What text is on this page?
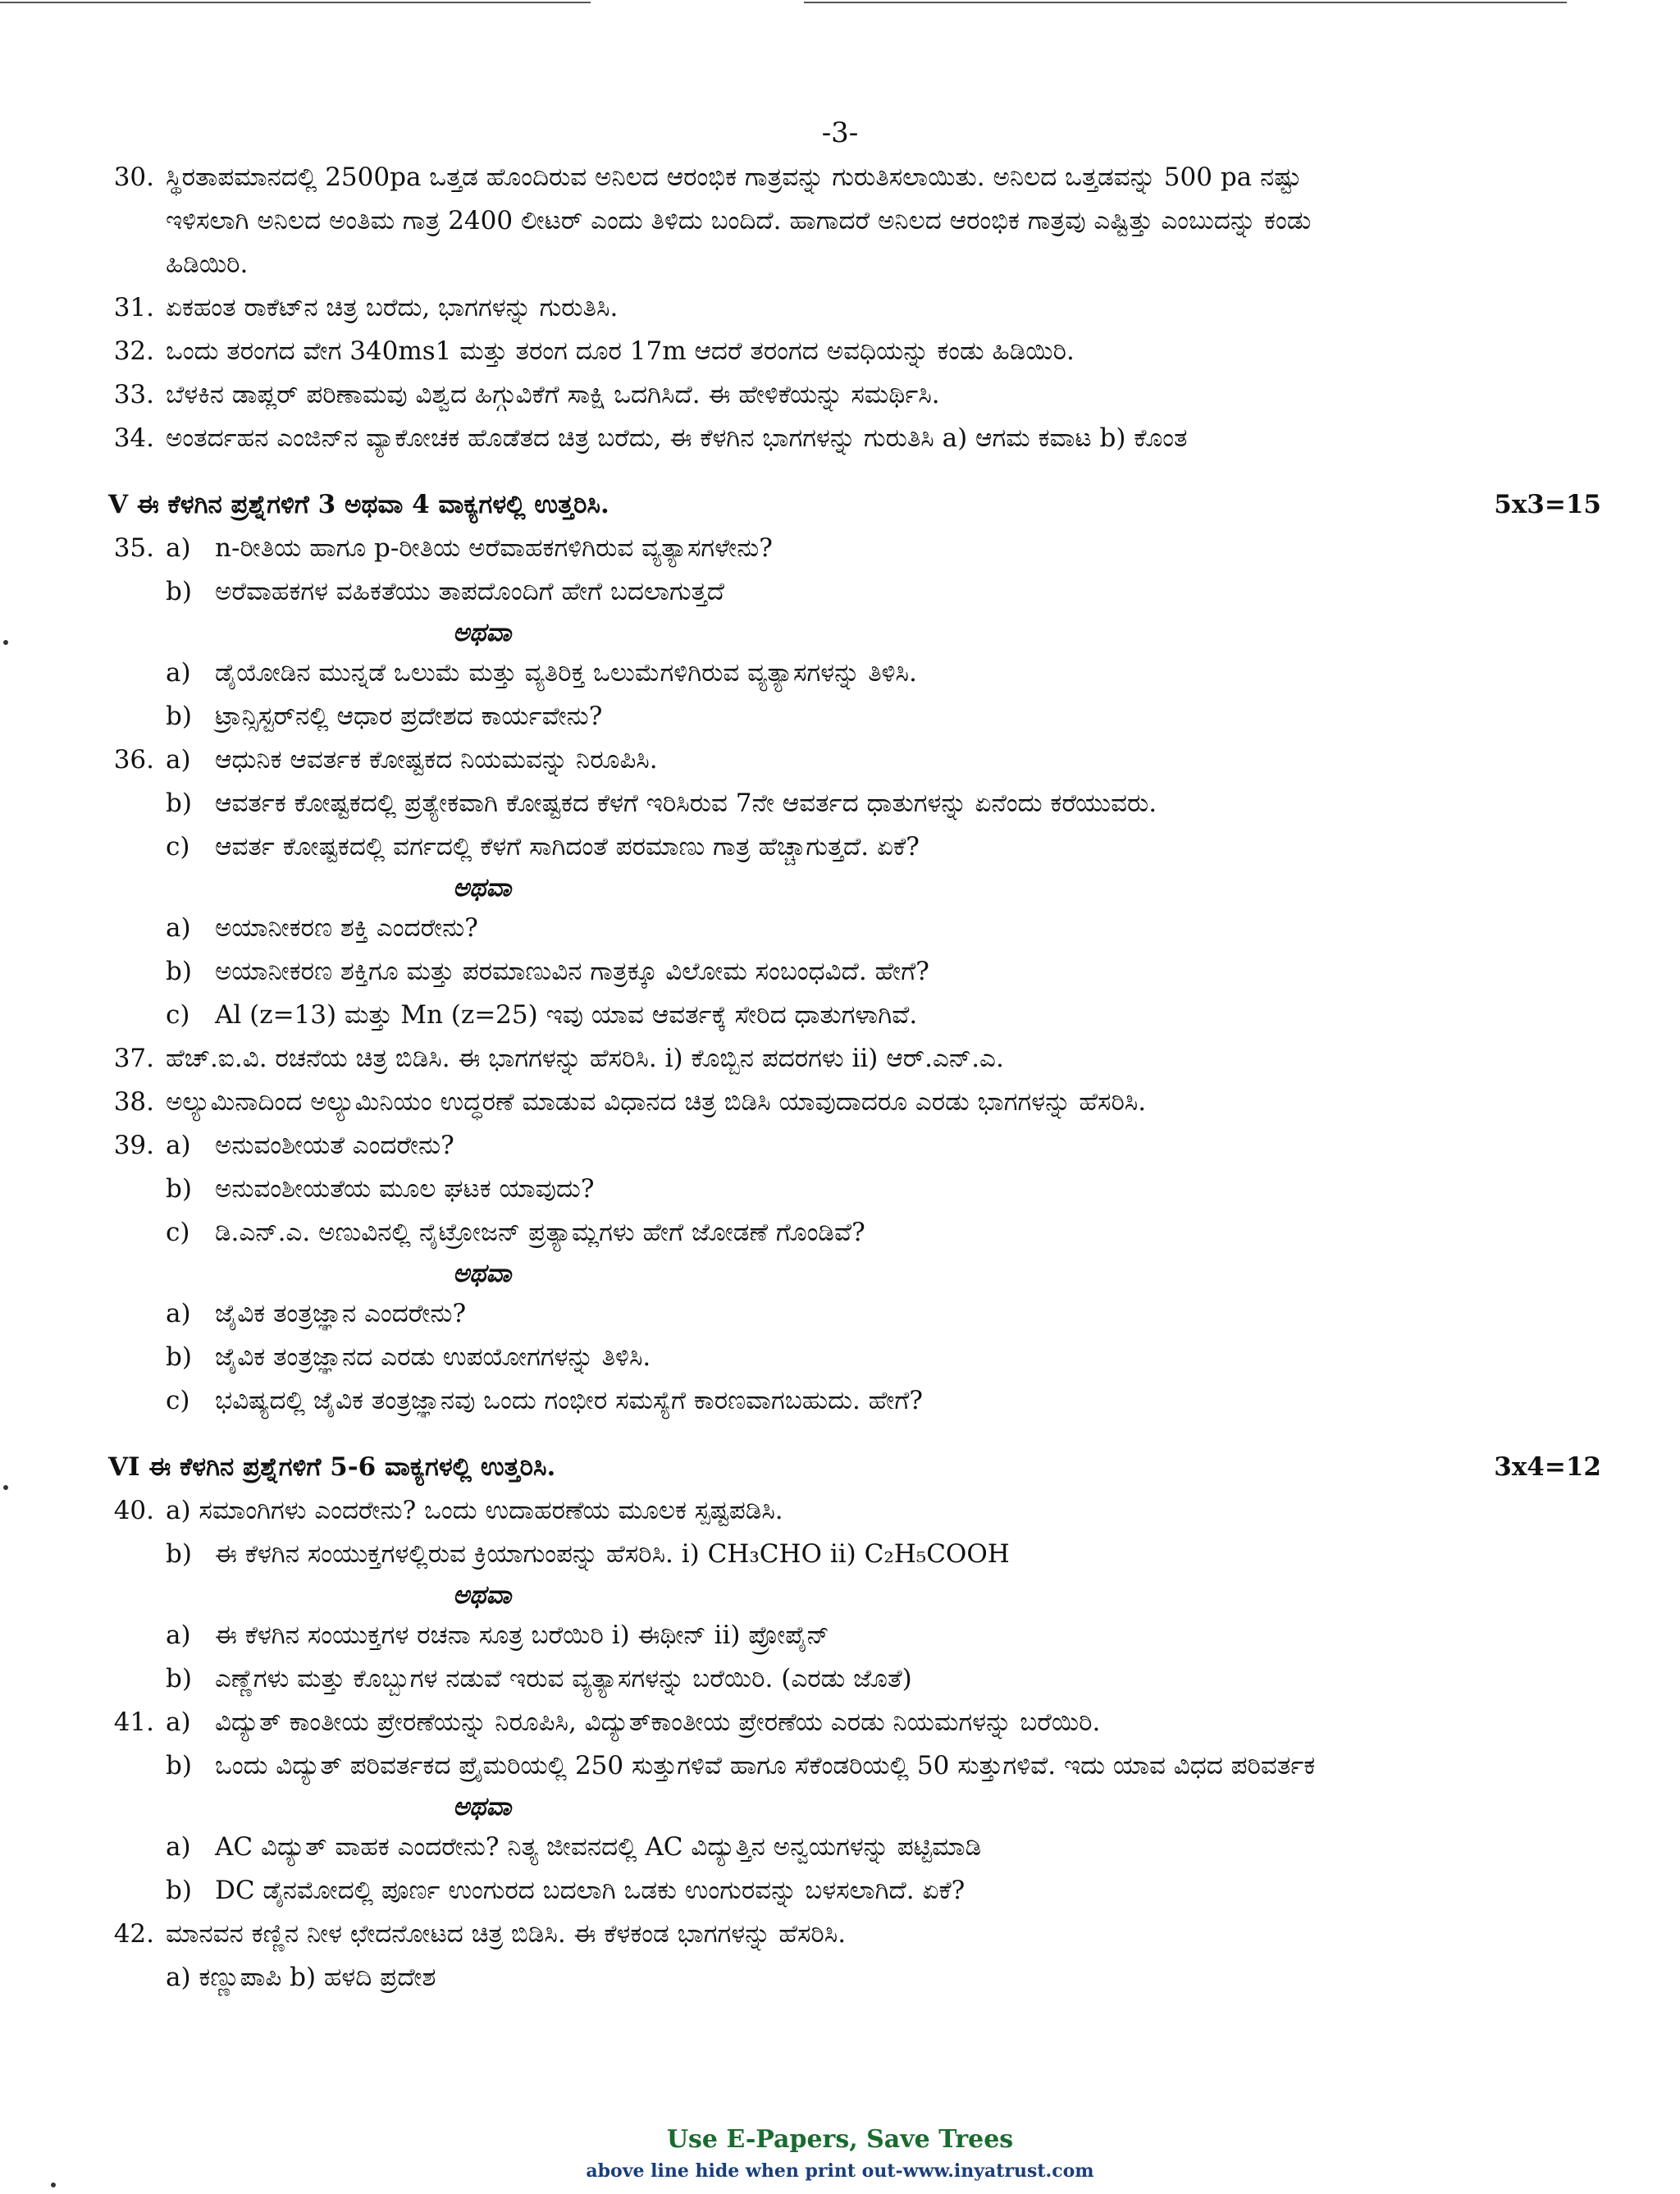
-3-
30. ಸ್ಥಿರತಾಪಮಾನದಲ್ಲಿ 2500pa ಒತ್ತಡ ಹೊಂದಿರುವ ಅನಿಲದ ಆರಂಭಿಕ ಗಾತ್ರವನ್ನು ಗುರುತಿಸಲಾಯಿತು. ಅನಿಲದ ಒತ್ತಡವನ್ನು 500 pa ನಷ್ಟು
ಇಳಿಸಲಾಗಿ ಅನಿಲದ ಅಂತಿಮ ಗಾತ್ರ 2400 ಲೀಟರ್ ಎಂದು ತಿಳಿದು ಬಂದಿದೆ. ಹಾಗಾದರೆ ಅನಿಲದ ಆರಂಭಿಕ ಗಾತ್ರವು ಎಷ್ಟಿತ್ತು ಎಂಬುದನ್ನು ಕಂಡು
ಹಿಡಿಯಿರಿ.
31. ಏಕಹಂತ ರಾಕೆಟ್‌ನ ಚಿತ್ರ ಬರೆದು, ಭಾಗಗಳನ್ನು ಗುರುತಿಸಿ.
32. ಒಂದು ತರಂಗದ ವೇಗ 340ms1 ಮತ್ತು ತರಂಗ ದೂರ 17m ಆದರೆ ತರಂಗದ ಅವಧಿಯನ್ನು ಕಂಡು ಹಿಡಿಯಿರಿ.
33. ಬೆಳಕಿನ ಡಾಪ್ಲರ್ ಪರಿಣಾಮವು ವಿಶ್ವದ ಹಿಗ್ಗುವಿಕೆಗೆ ಸಾಕ್ಷಿ ಒದಗಿಸಿದೆ. ಈ ಹೇಳಿಕೆಯನ್ನು ಸಮರ್ಥಿಸಿ.
34. ಅಂತರ್ದಹನ ಎಂಜಿನ್‌ನ ವ್ಯಾಕೋಚಕ ಹೊಡೆತದ ಚಿತ್ರ ಬರೆದು, ಈ ಕೆಳಗಿನ ಭಾಗಗಳನ್ನು ಗುರುತಿಸಿ a) ಆಗಮ ಕವಾಟ b) ಕೊಂತ
V ಈ ಕೆಳಗಿನ ಪ್ರಶ್ನೆಗಳಿಗೆ 3 ಅಥವಾ 4 ವಾಕ್ಯಗಳಲ್ಲಿ ಉತ್ತರಿಸಿ.	5x3=15
35. a) n-ರೀತಿಯ ಹಾಗೂ p-ರೀತಿಯ ಅರೆವಾಹಕಗಳಿಗಿರುವ ವ್ಯತ್ಯಾಸಗಳೇನು?
b) ಅರೆವಾಹಕಗಳ ವಹಿಕತೆಯು ತಾಪದೊಂದಿಗೆ ಹೇಗೆ ಬದಲಾಗುತ್ತದೆ
ಅಥವಾ
a) ಡೈಯೋಡಿನ ಮುನ್ನಡೆ ಒಲುಮೆ ಮತ್ತು ವ್ಯತಿರಿಕ್ತ ಒಲುಮೆಗಳಿಗಿರುವ ವ್ಯತ್ಯಾಸಗಳನ್ನು ತಿಳಿಸಿ.
b) ಟ್ರಾನ್ಸಿಸ್ಟರ್‌ನಲ್ಲಿ ಆಧಾರ ಪ್ರದೇಶದ ಕಾರ್ಯವೇನು?
36. a) ಆಧುನಿಕ ಆವರ್ತಕ ಕೋಷ್ಟಕದ ನಿಯಮವನ್ನು ನಿರೂಪಿಸಿ.
b) ಆವರ್ತಕ ಕೋಷ್ಟಕದಲ್ಲಿ ಪ್ರತ್ಯೇಕವಾಗಿ ಕೋಷ್ಟಕದ ಕೆಳಗೆ ಇರಿಸಿರುವ 7ನೇ ಆವರ್ತದ ಧಾತುಗಳನ್ನು ಏನೆಂದು ಕರೆಯುವರು.
c) ಆವರ್ತ ಕೋಷ್ಟಕದಲ್ಲಿ ವರ್ಗದಲ್ಲಿ ಕೆಳಗೆ ಸಾಗಿದಂತೆ ಪರಮಾಣು ಗಾತ್ರ ಹೆಚ್ಚಾಗುತ್ತದೆ. ಏಕೆ?
ಅಥವಾ
a) ಅಯಾನೀಕರಣ ಶಕ್ತಿ ಎಂದರೇನು?
b) ಅಯಾನೀಕರಣ ಶಕ್ತಿಗೂ ಮತ್ತು ಪರಮಾಣುವಿನ ಗಾತ್ರಕ್ಕೂ ವಿಲೋಮ ಸಂಬಂಧವಿದೆ. ಹೇಗೆ?
c) Al (z=13) ಮತ್ತು Mn (z=25) ಇವು ಯಾವ ಆವರ್ತಕ್ಕೆ ಸೇರಿದ ಧಾತುಗಳಾಗಿವೆ.
37. ಹೆಚ್.ಐ.ವಿ. ರಚನೆಯ ಚಿತ್ರ ಬಿಡಿಸಿ. ಈ ಭಾಗಗಳನ್ನು ಹೆಸರಿಸಿ. i) ಕೊಬ್ಬಿನ ಪದರಗಳು ii) ಆರ್.ಎನ್.ಎ.
38. ಅಲ್ಯುಮಿನಾದಿಂದ ಅಲ್ಯುಮಿನಿಯಂ ಉದ್ಧರಣೆ ಮಾಡುವ ವಿಧಾನದ ಚಿತ್ರ ಬಿಡಿಸಿ ಯಾವುದಾದರೂ ಎರಡು ಭಾಗಗಳನ್ನು ಹೆಸರಿಸಿ.
39. a) ಅನುವಂಶೀಯತೆ ಎಂದರೇನು?
b) ಅನುವಂಶೀಯತೆಯ ಮೂಲ ಘಟಕ ಯಾವುದು?
c) ಡಿ.ಎನ್.ಎ. ಅಣುವಿನಲ್ಲಿ ನೈಟ್ರೋಜನ್ ಪ್ರತ್ಯಾಮ್ಲಗಳು ಹೇಗೆ ಜೋಡಣೆ ಗೊಂಡಿವೆ?
ಅಥವಾ
a) ಜೈವಿಕ ತಂತ್ರಜ್ಞಾನ ಎಂದರೇನು?
b) ಜೈವಿಕ ತಂತ್ರಜ್ಞಾನದ ಎರಡು ಉಪಯೋಗಗಳನ್ನು ತಿಳಿಸಿ.
c) ಭವಿಷ್ಯದಲ್ಲಿ ಜೈವಿಕ ತಂತ್ರಜ್ಞಾನವು ಒಂದು ಗಂಭೀರ ಸಮಸ್ಯೆಗೆ ಕಾರಣವಾಗಬಹುದು. ಹೇಗೆ?
VI ಈ ಕೆಳಗಿನ ಪ್ರಶ್ನೆಗಳಿಗೆ 5-6 ವಾಕ್ಯಗಳಲ್ಲಿ ಉತ್ತರಿಸಿ.	3x4=12
40. a) ಸಮಾಂಗಿಗಳು ಎಂದರೇನು? ಒಂದು ಉದಾಹರಣೆಯ ಮೂಲಕ ಸ್ಪಷ್ಟಪಡಿಸಿ.
b) ಈ ಕೆಳಗಿನ ಸಂಯುಕ್ತಗಳಲ್ಲಿರುವ ಕ್ರಿಯಾಗುಂಪನ್ನು ಹೆಸರಿಸಿ. i) CH₃CHO ii) C₂H₅COOH
ಅಥವಾ
a) ಈ ಕೆಳಗಿನ ಸಂಯುಕ್ತಗಳ ರಚನಾ ಸೂತ್ರ ಬರೆಯಿರಿ i) ಈಥೀನ್ ii) ಪ್ರೋಪೈನ್
b) ಎಣ್ಣೆಗಳು ಮತ್ತು ಕೊಬ್ಬುಗಳ ನಡುವೆ ಇರುವ ವ್ಯತ್ಯಾಸಗಳನ್ನು ಬರೆಯಿರಿ. (ಎರಡು ಜೊತೆ)
41. a) ವಿದ್ಯುತ್ ಕಾಂತೀಯ ಪ್ರೇರಣೆಯನ್ನು ನಿರೂಪಿಸಿ, ವಿದ್ಯುತ್‌ಕಾಂತೀಯ ಪ್ರೇರಣೆಯ ಎರಡು ನಿಯಮಗಳನ್ನು ಬರೆಯಿರಿ.
b) ಒಂದು ವಿದ್ಯುತ್ ಪರಿವರ್ತಕದ ಪ್ರೈಮರಿಯಲ್ಲಿ 250 ಸುತ್ತುಗಳಿವೆ ಹಾಗೂ ಸೆಕೆಂಡರಿಯಲ್ಲಿ 50 ಸುತ್ತುಗಳಿವೆ. ಇದು ಯಾವ ವಿಧದ ಪರಿವರ್ತಕ
ಅಥವಾ
a) AC ವಿದ್ಯುತ್ ವಾಹಕ ಎಂದರೇನು? ನಿತ್ಯ ಜೀವನದಲ್ಲಿ AC ವಿದ್ಯುತ್ತಿನ ಅನ್ವಯಗಳನ್ನು ಪಟ್ಟಿಮಾಡಿ
b) DC ಡೈನಮೋದಲ್ಲಿ ಪೂರ್ಣ ಉಂಗುರದ ಬದಲಾಗಿ ಒಡಕು ಉಂಗುರವನ್ನು ಬಳಸಲಾಗಿದೆ. ಏಕೆ?
42. ಮಾನವನ ಕಣ್ಣಿನ ನೀಳ ಛೇದನೋಟದ ಚಿತ್ರ ಬಿಡಿಸಿ. ಈ ಕೆಳಕಂಡ ಭಾಗಗಳನ್ನು ಹೆಸರಿಸಿ.
a) ಕಣ್ಣುಪಾಪಿ b) ಹಳದಿ ಪ್ರದೇಶ
Use E-Papers, Save Trees
above line hide when print out-www.inyatrust.com
